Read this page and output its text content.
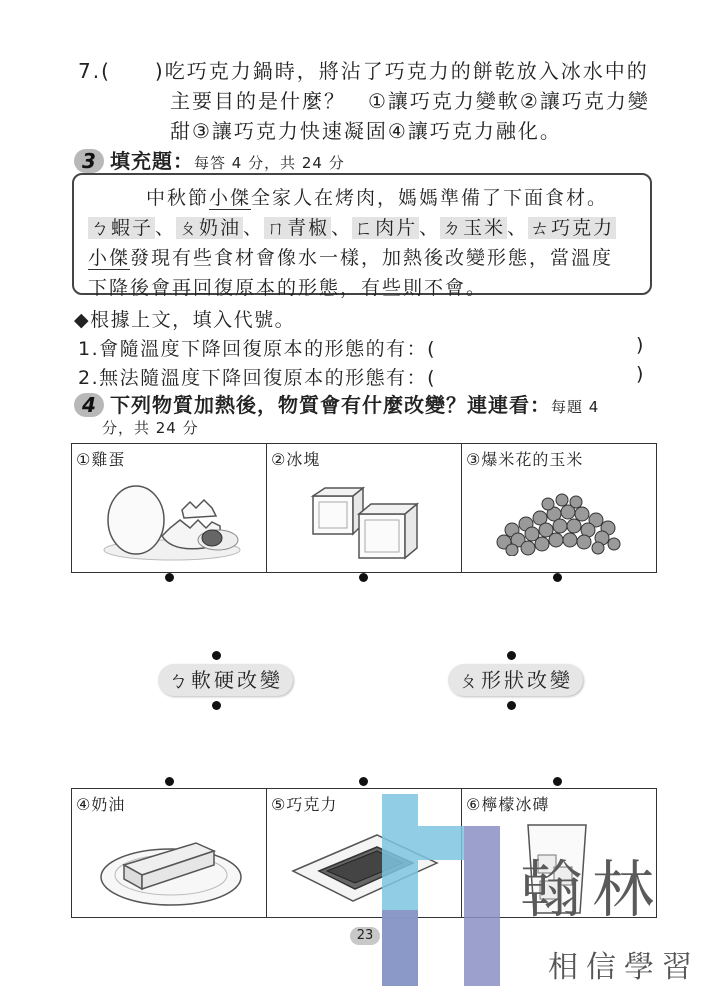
7.(　　)吃巧克力鍋時，將沾了巧克力的餅乾放入冰水中的
主要目的是什麼？　①讓巧克力變軟②讓巧克力變
甜③讓巧克力快速凝固④讓巧克力融化。
3 填充題：每答 4 分，共 24 分
中秋節小傑全家人在烤肉，媽媽準備了下面食材。
ㄅ蝦子 、 ㄆ奶油 、 ㄇ青椒 、 ㄈ肉片 、 ㄉ玉米 、 ㄊ巧克力
小傑發現有些食材會像水一樣，加熱後改變形態，當溫度
下降後會再回復原本的形態，有些則不會。
◆根據上文，填入代號。
1.會隨溫度下降回復原本的形態的有：(	)
2.無法隨溫度下降回復原本的形態有：(	)
4 下列物質加熱後，物質會有什麼改變？連連看：每題 4
分，共 24 分
①雞蛋	②冰塊	③爆米花的玉米
ㄅ軟硬改變	ㄆ形狀改變
④奶油	⑤巧克力	⑥檸檬冰磚
翰林
相信學習
23
